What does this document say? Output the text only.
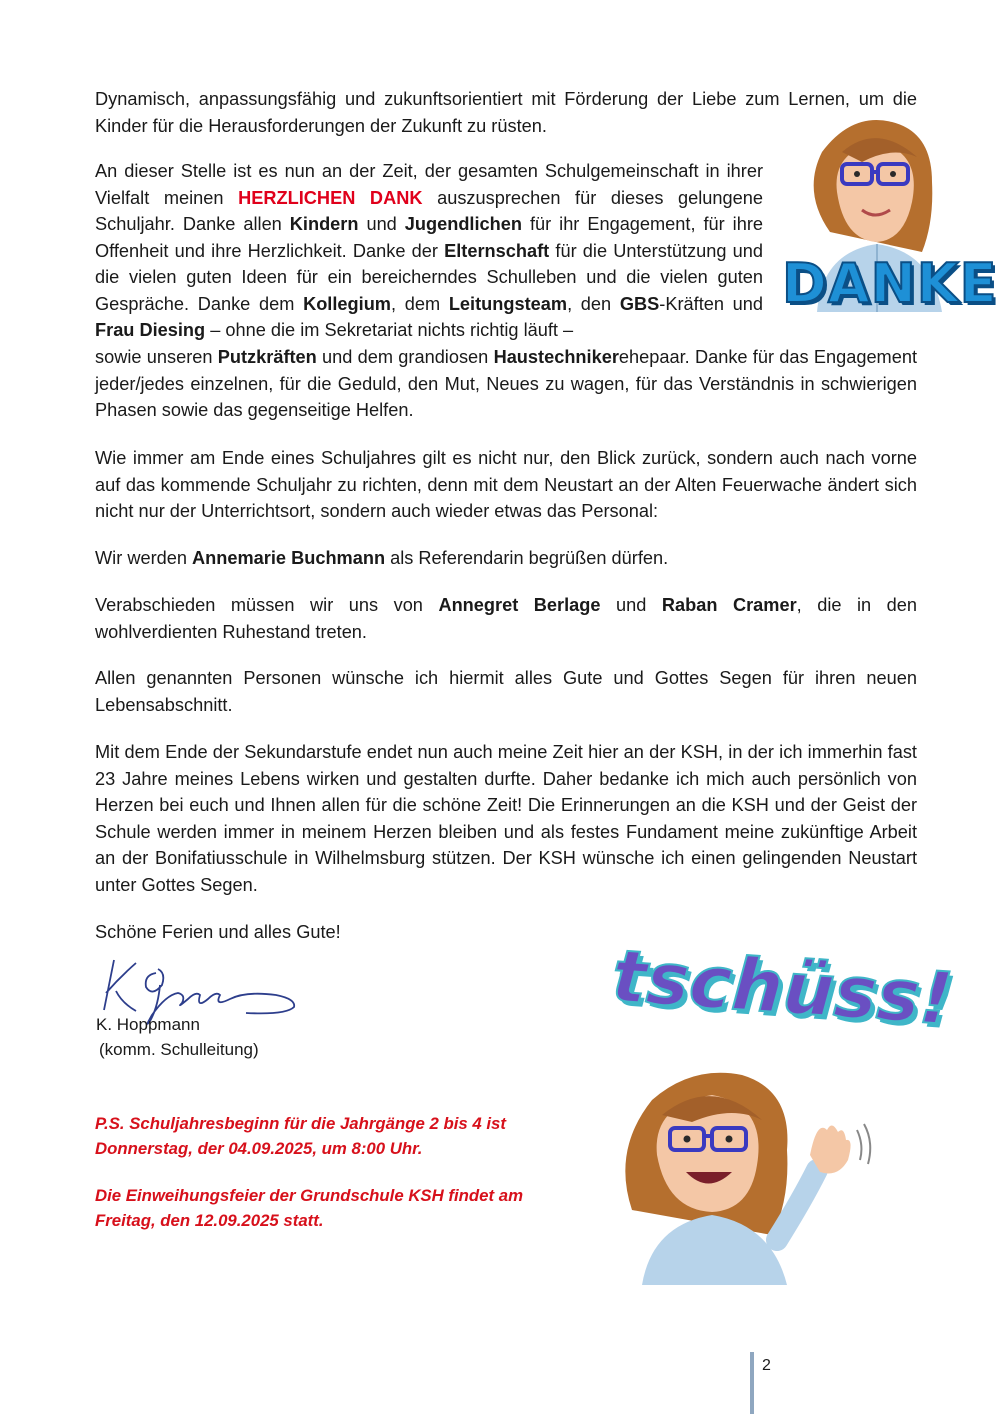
Dynamisch, anpassungsfähig und zukunftsorientiert mit Förderung der Liebe zum Lernen, um die Kinder für die Herausforderungen der Zukunft zu rüsten.

An dieser Stelle ist es nun an der Zeit, der gesamten Schulgemeinschaft in ihrer Vielfalt meinen HERZLICHEN DANK auszusprechen für dieses gelungene Schuljahr. Danke allen Kindern und Jugendlichen für ihr Engagement, für ihre Offenheit und ihre Herzlichkeit. Danke der Elternschaft für die Unterstützung und die vielen guten Ideen für ein bereicherndes Schulleben und die vielen guten Gespräche. Danke dem Kollegium, dem Leitungsteam, den GBS-Kräften und Frau Diesing – ohne die im Sekretariat nichts richtig läuft –

sowie unseren Putzkräften und dem grandiosen Haustechnikerehepaar. Danke für das Engagement jeder/jedes einzelnen, für die Geduld, den Mut, Neues zu wagen, für das Verständnis in schwierigen Phasen sowie das gegenseitige Helfen.

Wie immer am Ende eines Schuljahres gilt es nicht nur, den Blick zurück, sondern auch nach vorne auf das kommende Schuljahr zu richten, denn mit dem Neustart an der Alten Feuerwache ändert sich nicht nur der Unterrichtsort, sondern auch wieder etwas das Personal:

Wir werden Annemarie Buchmann als Referendarin begrüßen dürfen.

Verabschieden müssen wir uns von Annegret Berlage und Raban Cramer, die in den wohlverdienten Ruhestand treten.

Allen genannten Personen wünsche ich hiermit alles Gute und Gottes Segen für ihren neuen Lebensabschnitt.

Mit dem Ende der Sekundarstufe endet nun auch meine Zeit hier an der KSH, in der ich immerhin fast 23 Jahre meines Lebens wirken und gestalten durfte. Daher bedanke ich mich auch persönlich von Herzen bei euch und Ihnen allen für die schöne Zeit! Die Erinnerungen an die KSH und der Geist der Schule werden immer in meinem Herzen bleiben und als festes Fundament meine zukünftige Arbeit an der Bonifatiusschule in Wilhelmsburg stützen. Der KSH wünsche ich einen gelingenden Neustart unter Gottes Segen.

Schöne Ferien und alles Gute!

K. Hoppmann

(komm. Schulleitung)

P.S. Schuljahresbeginn für die Jahrgänge 2 bis 4 ist Donnerstag, der 04.09.2025, um 8:00 Uhr.

Die Einweihungsfeier der Grundschule KSH findet am Freitag, den 12.09.2025 statt.

DANKE
tschüss!
2
